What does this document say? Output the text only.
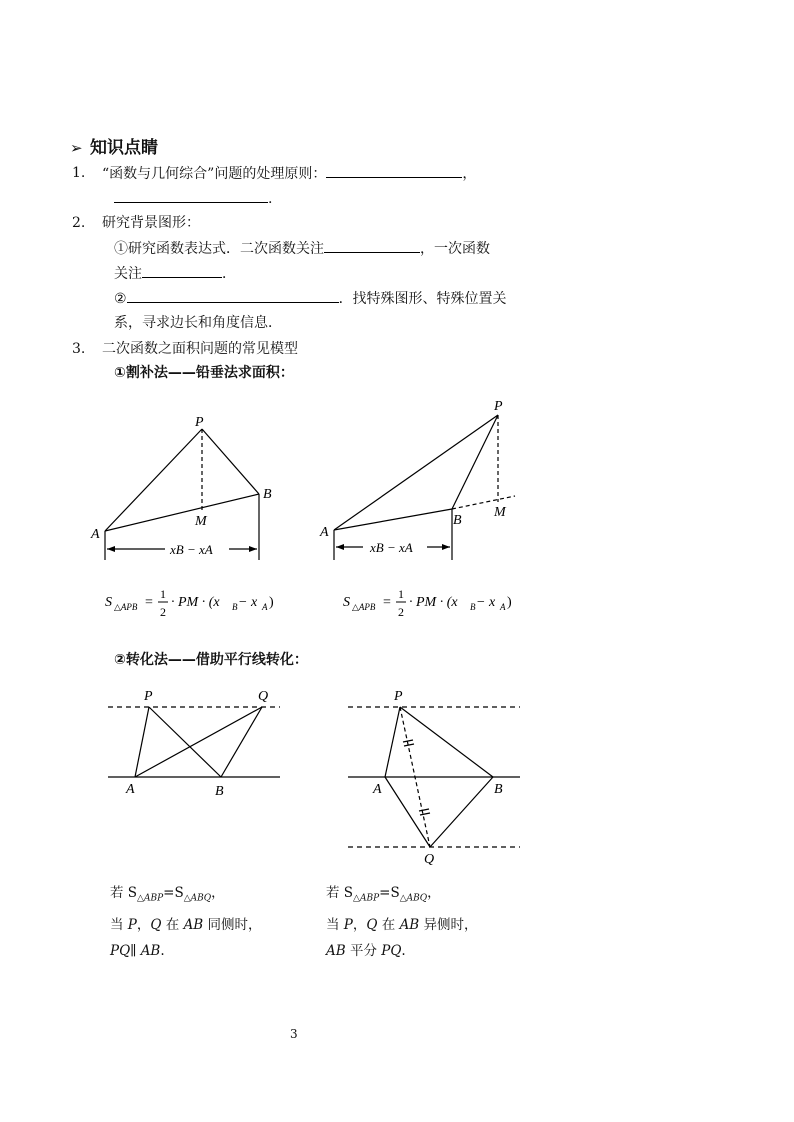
➢ 知识点睛
1. “函数与几何综合”问题的处理原则：	，
.
2. 研究背景图形：
①研究函数表达式．二次函数关注	，一次函数
关注	．
②	．找特殊图形、特殊位置关
系，寻求边长和角度信息．
3. 二次函数之面积问题的常见模型
①割补法——铅垂法求面积：
P
B
M
A
xB − xA
P
B
M
A
xB − xA
S △APB =
1
2
· PM · (x B − x A )	S △APB =
1
2
· PM · (x B − x A )
②转化法——借助平行线转化：
P	Q
A	B
P
A	B
Q
若 $S_{\triangle ABP}=S_{\triangle ABQ}$，
当 P，Q 在 AB 同侧时，
PQ∥ AB.
若 $S_{\triangle ABP}=S_{\triangle ABQ}$，
当 P，Q 在 AB 异侧时，
AB 平分 PQ.
3
